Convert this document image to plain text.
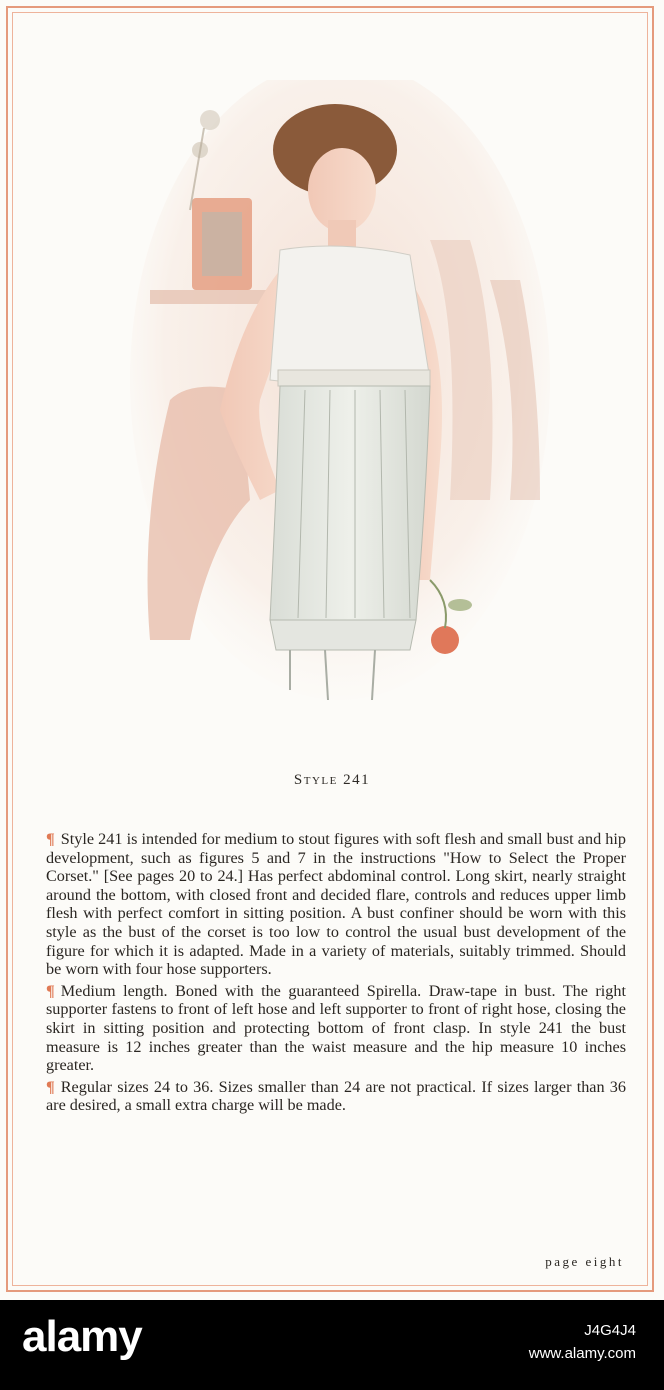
Style 241

¶ Style 241 is intended for medium to stout figures with soft flesh and small bust and hip development, such as figures 5 and 7 in the instructions "How to Select the Proper Corset." [See pages 20 to 24.] Has perfect abdominal control. Long skirt, nearly straight around the bottom, with closed front and decided flare, controls and reduces upper limb flesh with perfect comfort in sitting position. A bust confiner should be worn with this style as the bust of the corset is too low to control the usual bust development of the figure for which it is adapted. Made in a variety of materials, suitably trimmed. Should be worn with four hose supporters.

¶ Medium length. Boned with the guaranteed Spirella. Draw-tape in bust. The right supporter fastens to front of left hose and left supporter to front of right hose, closing the skirt in sitting position and protecting bottom of front clasp. In style 241 the bust measure is 12 inches greater than the waist measure and the hip measure 10 inches greater.

¶ Regular sizes 24 to 36. Sizes smaller than 24 are not practical. If sizes larger than 36 are desired, a small extra charge will be made.

page eight
alamy	J4G4J4
www.alamy.com
